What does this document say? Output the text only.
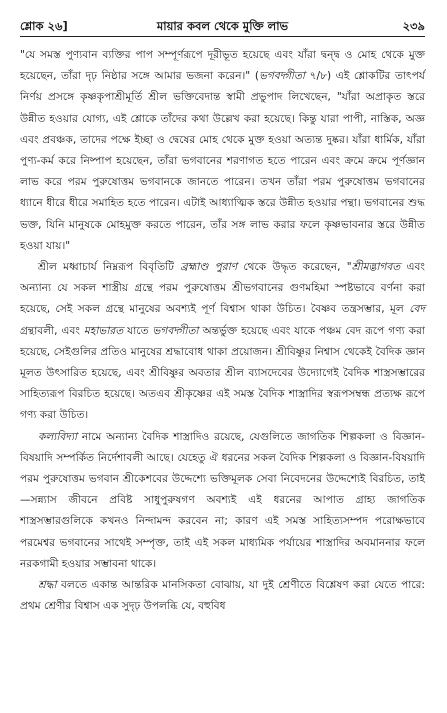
শ্লোক ২৬]	মায়ার কবল থেকে মুক্তি লাভ	২৩৯

"যে সমস্ত পুণ্যবান ব্যক্তির পাপ সম্পূর্ণরূপে দূরীভূত হয়েছে এবং যাঁরা দ্বন্দ্ব ও মোহ থেকে মুক্ত হয়েছেন, তাঁরা দৃঢ় নিষ্ঠার সঙ্গে আমার ভজনা করেন।" (ভগবদ্গীতা ৭/৮) এই শ্লোকটির তাৎপর্য নির্ণয় প্রসঙ্গে কৃষ্ণকৃপাশ্রীমূর্তি শ্রীল ভক্তিবেদান্ত স্বামী প্রভুপাদ লিখেছেন, "যাঁরা অপ্রাকৃত স্তরে উন্নীত হওয়ার যোগ্য, এই শ্লোকে তাঁদের কথা উল্লেখ করা হয়েছে। কিন্তু যারা পাপী, নাস্তিক, অজ্ঞ এবং প্রবঞ্চক, তাদের পক্ষে ইচ্ছা ও দ্বেষের মোহ থেকে মুক্ত হওয়া অত্যন্ত দুষ্কর। যাঁরা ধার্মিক, যাঁরা পুণ্য-কর্ম করে নিষ্পাপ হয়েছেন, তাঁরা ভগবানের শরণাগত হতে পারেন এবং ক্রমে ক্রমে পূর্ণজ্ঞান লাভ করে পরম পুরুষোত্তম ভগবানকে জানতে পারেন। তখন তাঁরা পরম পুরুষোত্তম ভগবানের ধ্যানে ধীরে ধীরে সমাহিত হতে পারেন। এটাই আধ্যাত্মিক স্তরে উন্নীত হওয়ার পন্থা। ভগবানের শুদ্ধ ভক্ত, যিনি মানুষকে মোহমুক্ত করতে পারেন, তাঁর সঙ্গ লাভ করার ফলে কৃষ্ণভাবনার স্তরে উন্নীত হওয়া যায়।"

শ্রীল মধ্বাচার্য নিম্নরূপ বিবৃতিটি ব্রহ্মাণ্ড পুরাণ থেকে উদ্ধৃত করেছেন, "শ্রীমদ্ভাগবত এবং অন্যান্য যে সকল শাস্ত্রীয় গ্রন্থে পরম পুরুষোত্তম শ্রীভগবানের গুণমহিমা স্পষ্টভাবে বর্ণনা করা হয়েছে, সেই সকল গ্রন্থে মানুষের অবশ্যই পূর্ণ বিশ্বাস থাকা উচিত। বৈষ্ণব তন্ত্রসম্ভার, মূল বেদ গ্রন্থাবলী, এবং মহাভারত যাতে ভগবদ্গীতা অন্তর্ভুক্ত হয়েছে এবং যাকে পঞ্চম বেদ রূপে গণ্য করা হয়েছে, সেইগুলির প্রতিও মানুষের শ্রদ্ধাবোধ থাকা প্রয়োজন। শ্রীবিষ্ণুর নিশ্বাস থেকেই বৈদিক জ্ঞান মূলত উৎসারিত হয়েছে, এবং শ্রীবিষ্ণুর অবতার শ্রীল ব্যাসদেবের উদ্যোগেই বৈদিক শাস্ত্রসম্ভারের সাহিত্যরূপ বিরচিত হয়েছে। অতএব শ্রীকৃষ্ণের এই সমস্ত বৈদিক শাস্ত্রাদির স্বরূপসম্বন্ধ প্রত্যক্ষ রূপে গণ্য করা উচিত।

কল্যবিদ্যা নামে অন্যান্য বৈদিক শাস্ত্রাদিও রয়েছে, যেগুলিতে জাগতিক শিল্পকলা ও বিজ্ঞান-বিষয়াদি সম্পর্কিত নির্দেশাবলী আছে। যেহেতু ঐ ধরনের সকল বৈদিক শিল্পকলা ও বিজ্ঞান-বিষয়াদি পরম পুরুষোত্তম ভগবান শ্রীকেশবের উদ্দেশ্যে ভক্তিমূলক সেবা নিবেদনের উদ্দেশ্যেই বিরচিত, তাই—সন্ন্যাস জীবনে প্রবিষ্ট সাধুপুরুষগণ অবশ্যই এই ধরনের আপাত গ্রাহ্য জাগতিক শাস্ত্রসম্ভারগুলিকে কখনও নিন্দামন্দ করবেন না; কারণ এই সমস্ত সাহিত্যসম্পদ পরোক্ষভাবে পরমেশ্বর ভগবানের সাথেই সম্পৃক্ত, তাই এই সকল মাধ্যমিক পর্যায়ের শাস্ত্রাদির অবমাননার ফলে নরকগামী হওয়ার সম্ভাবনা থাকে।

শ্রদ্ধা বলতে একান্ত আন্তরিক মানসিকতা বোঝায়, যা দুই শ্রেণীতে বিশ্লেষণ করা যেতে পারে: প্রথম শ্রেণীর বিশ্বাস এক সুদৃঢ় উপলব্ধি যে, বহুবিধ
